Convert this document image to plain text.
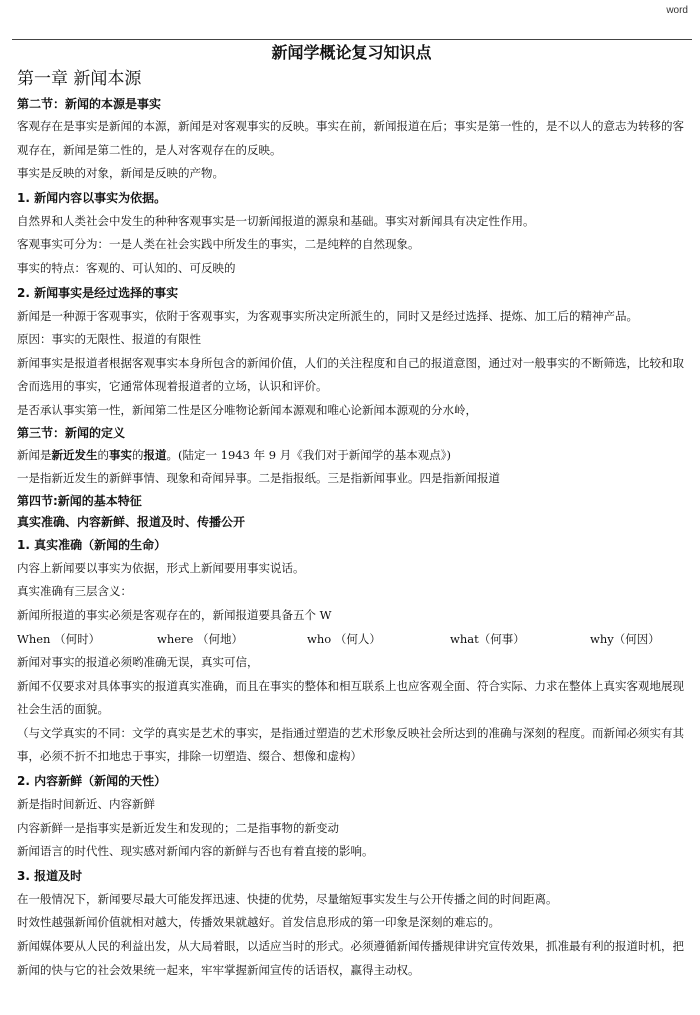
word
新闻学概论复习知识点
第一章 新闻本源
第二节：新闻的本源是事实

客观存在是事实是新闻的本源，新闻是对客观事实的反映。事实在前，新闻报道在后；事实是第一性的，是不以人的意志为转移的客观存在，新闻是第二性的，是人对客观存在的反映。

事实是反映的对象，新闻是反映的产物。

1. 新闻内容以事实为依据。

自然界和人类社会中发生的种种客观事实是一切新闻报道的源泉和基础。事实对新闻具有决定性作用。

客观事实可分为：一是人类在社会实践中所发生的事实，二是纯粹的自然现象。

事实的特点：客观的、可认知的、可反映的

2. 新闻事实是经过选择的事实

新闻是一种源于客观事实，依附于客观事实，为客观事实所决定所派生的，同时又是经过选择、提炼、加工后的精神产品。

原因：事实的无限性、报道的有限性

新闻事实是报道者根据客观事实本身所包含的新闻价值，人们的关注程度和自己的报道意图，通过对一般事实的不断筛选，比较和取舍而选用的事实，它通常体现着报道者的立场，认识和评价。

是否承认事实第一性，新闻第二性是区分唯物论新闻本源观和唯心论新闻本源观的分水岭，

第三节：新闻的定义

新闻是新近发生的事实的报道。(陆定一 1943 年 9 月《我们对于新闻学的基本观点》)

一是指新近发生的新鲜事情、现象和奇闻异事。二是指报纸。三是指新闻事业。四是指新闻报道

第四节:新闻的基本特征
真实准确、内容新鲜、报道及时、传播公开
1. 真实准确（新闻的生命）

内容上新闻要以事实为依据，形式上新闻要用事实说话。

真实准确有三层含义：

新闻所报道的事实必须是客观存在的，新闻报道要具备五个 W

When （何时）	where （何地）	who （何人）	what（何事）	why（何因）

新闻对事实的报道必须哟准确无误，真实可信，

新闻不仅要求对具体事实的报道真实准确，而且在事实的整体和相互联系上也应客观全面、符合实际、力求在整体上真实客观地展现社会生活的面貌。

（与文学真实的不同：文学的真实是艺术的事实，是指通过塑造的艺术形象反映社会所达到的准确与深刻的程度。而新闻必须实有其事，必须不折不扣地忠于事实，排除一切塑造、缀合、想像和虚构）

2. 内容新鲜（新闻的天性）

新是指时间新近、内容新鲜

内容新鲜一是指事实是新近发生和发现的；二是指事物的新变动

新闻语言的时代性、现实感对新闻内容的新鲜与否也有着直接的影响。

3. 报道及时

在一般情况下，新闻要尽最大可能发挥迅速、快捷的优势，尽量缩短事实发生与公开传播之间的时间距离。

时效性越强新闻价值就相对越大，传播效果就越好。首发信息形成的第一印象是深刻的难忘的。

新闻媒体要从人民的利益出发，从大局着眼，以适应当时的形式。必须遵循新闻传播规律讲究宣传效果，抓准最有利的报道时机，把新闻的快与它的社会效果统一起来，牢牢掌握新闻宣传的话语权，赢得主动权。
